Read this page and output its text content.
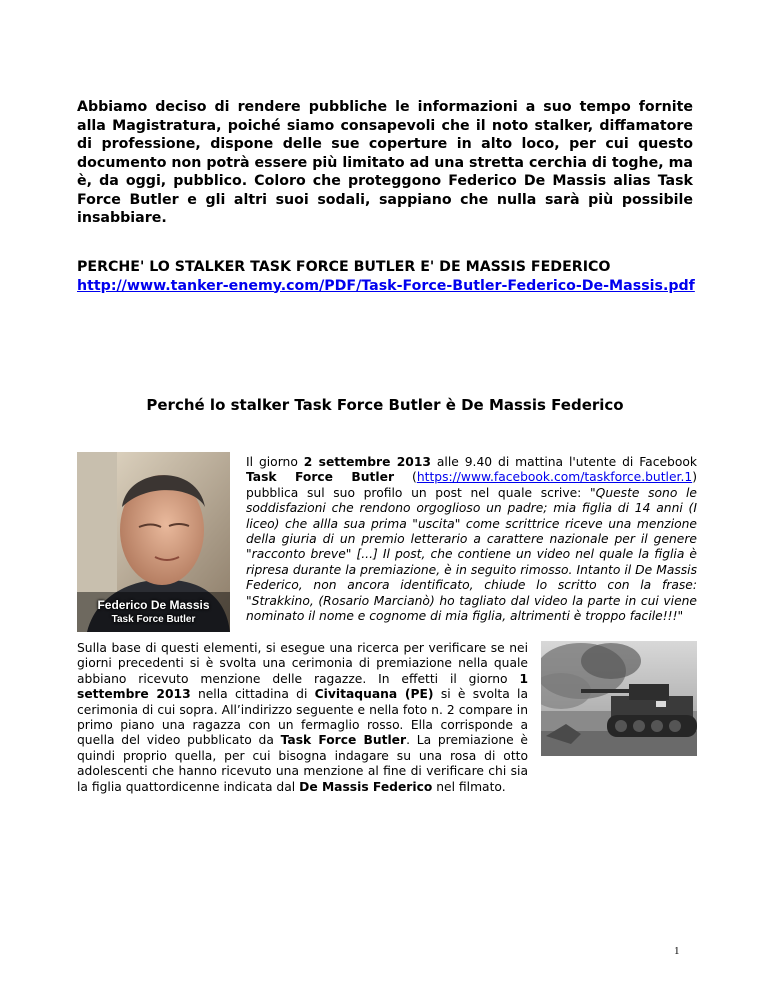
Abbiamo deciso di rendere pubbliche le informazioni a suo tempo fornite alla Magistratura, poiché siamo consapevoli che il noto stalker, diffamatore di professione, dispone delle sue coperture in alto loco, per cui questo documento non potrà essere più limitato ad una stretta cerchia di toghe, ma è, da oggi, pubblico. Coloro che proteggono Federico De Massis alias Task Force Butler e gli altri suoi sodali, sappiano che nulla sarà più possibile insabbiare.

PERCHE' LO STALKER TASK FORCE BUTLER E' DE MASSIS FEDERICO
http://www.tanker-enemy.com/PDF/Task-Force-Butler-Federico-De-Massis.pdf

Perché lo stalker Task Force Butler è De Massis Federico

Federico De Massis
Task Force Butler

Il giorno 2 settembre 2013 alle 9.40 di mattina l'utente di Facebook Task Force Butler (https://www.facebook.com/taskforce.butler.1) pubblica sul suo profilo un post nel quale scrive: "Queste sono le soddisfazioni che rendono orgoglioso un padre; mia figlia di 14 anni (I liceo) che allla sua prima "uscita" come scrittrice riceve una menzione della giuria di un premio letterario a carattere nazionale per il genere "racconto breve" [...] Il post, che contiene un video nel quale la figlia è ripresa durante la premiazione, è in seguito rimosso. Intanto il De Massis Federico, non ancora identificato, chiude lo scritto con la frase: "Strakkino, (Rosario Marcianò) ho tagliato dal video la parte in cui viene nominato il nome e cognome di mia figlia, altrimenti è troppo facile!!!"

Sulla base di questi elementi, si esegue una ricerca per verificare se nei giorni precedenti si è svolta una cerimonia di premiazione nella quale abbiano ricevuto menzione delle ragazze. In effetti il giorno 1 settembre 2013 nella cittadina di Civitaquana (PE) si è svolta la cerimonia di cui sopra. All’indirizzo seguente e nella foto n. 2 compare in primo piano una ragazza con un fermaglio rosso. Ella corrisponde a quella del video pubblicato da Task Force Butler. La premiazione è quindi proprio quella, per cui bisogna indagare su una rosa di otto adolescenti che hanno ricevuto una menzione al fine di verificare chi sia la figlia quattordicenne indicata dal De Massis Federico nel filmato.

1
